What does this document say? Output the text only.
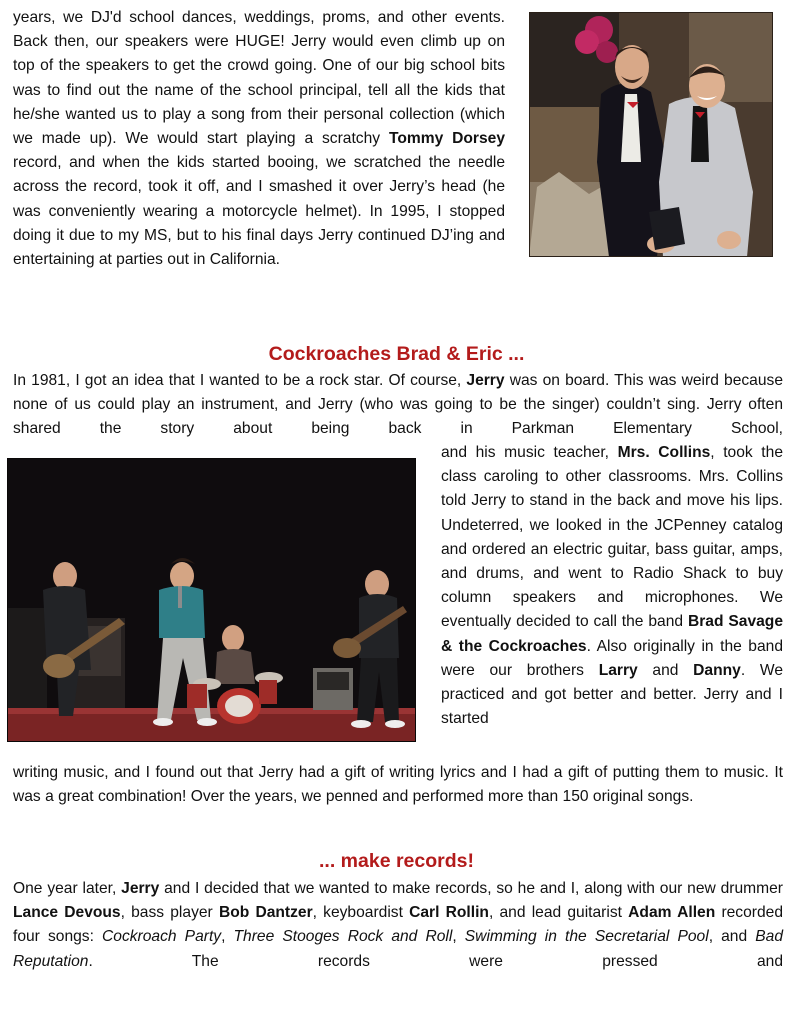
years, we DJ'd school dances, weddings, proms, and other events. Back then, our speakers were HUGE! Jerry would even climb up on top of the speakers to get the crowd going. One of our big school bits was to find out the name of the school principal, tell all the kids that he/she wanted us to play a song from their personal collection (which we made up). We would start playing a scratchy Tommy Dorsey record, and when the kids started booing, we scratched the needle across the record, took it off, and I smashed it over Jerry’s head (he was conveniently wearing a motorcycle helmet). In 1995, I stopped doing it due to my MS, but to his final days Jerry continued DJ’ing and entertaining at parties out in California.

Cockroaches Brad & Eric ...

In 1981, I got an idea that I wanted to be a rock star. Of course, Jerry was on board. This was weird because none of us could play an instrument, and Jerry (who was going to be the singer) couldn’t sing. Jerry often shared the story about being back in Parkman Elementary School,

and his music teacher, Mrs. Collins, took the class caroling to other classrooms. Mrs. Collins told Jerry to stand in the back and move his lips. Undeterred, we looked in the JCPenney catalog and ordered an electric guitar, bass guitar, amps, and drums, and went to Radio Shack to buy column speakers and microphones. We eventually decided to call the band Brad Savage & the Cockroaches. Also originally in the band were our brothers Larry and Danny. We practiced and got better and better. Jerry and I started

writing music, and I found out that Jerry had a gift of writing lyrics and I had a gift of putting them to music. It was a great combination! Over the years, we penned and performed more than 150 original songs.

... make records!

One year later, Jerry and I decided that we wanted to make records, so he and I, along with our new drummer Lance Devous, bass player Bob Dantzer, keyboardist Carl Rollin, and lead guitarist Adam Allen recorded four songs: Cockroach Party, Three Stooges Rock and Roll, Swimming in the Secretarial Pool, and Bad Reputation. The records were pressed and
